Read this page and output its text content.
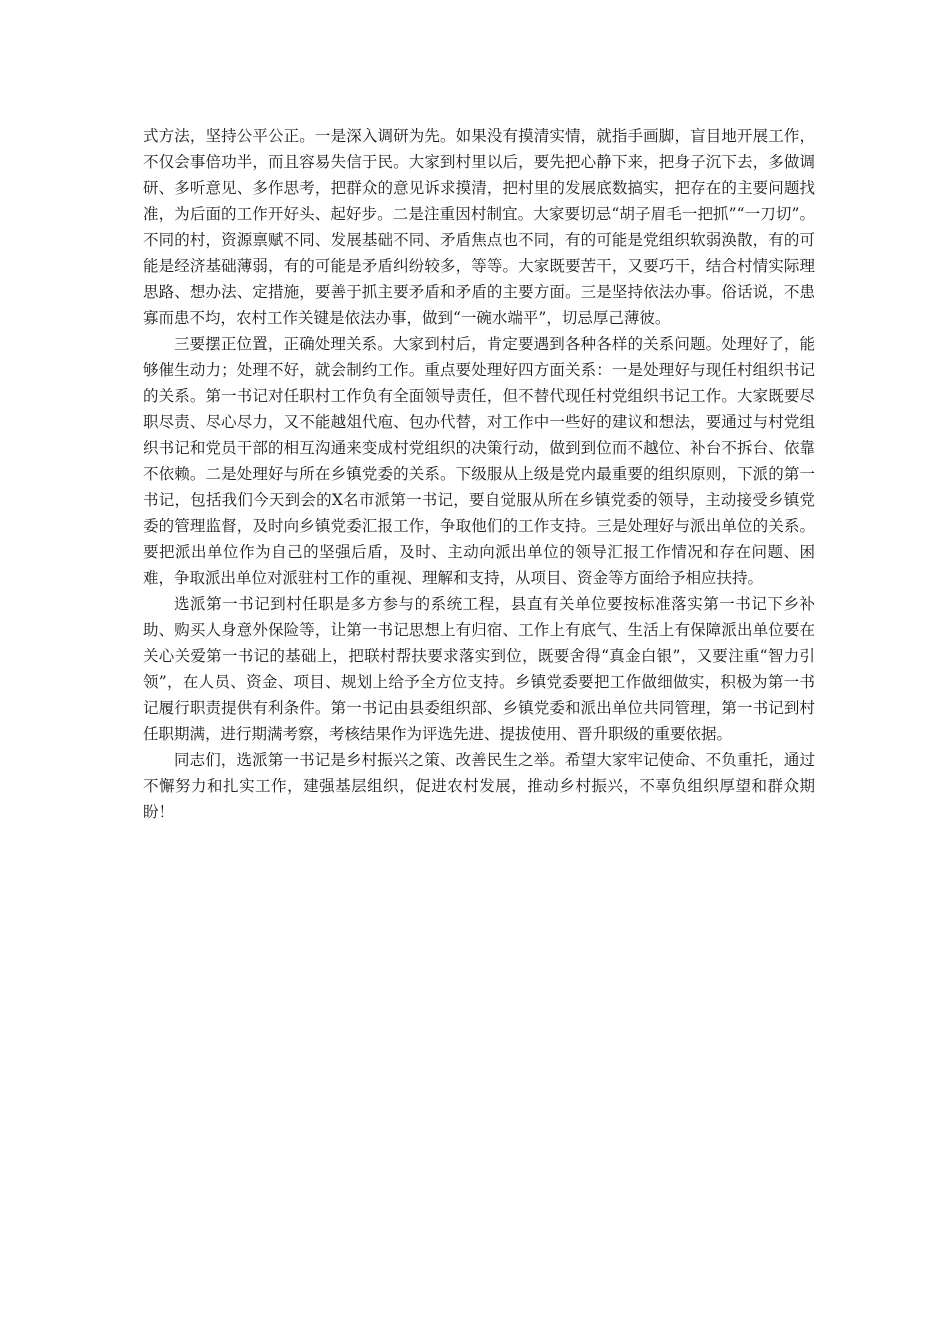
式方法，坚持公平公正。一是深入调研为先。如果没有摸清实情，就指手画脚，盲目地开展工作，不仅会事倍功半，而且容易失信于民。大家到村里以后，要先把心静下来，把身子沉下去，多做调研、多听意见、多作思考，把群众的意见诉求摸清，把村里的发展底数搞实，把存在的主要问题找准，为后面的工作开好头、起好步。二是注重因村制宜。大家要切忌“胡子眉毛一把抓”“一刀切”。不同的村，资源禀赋不同、发展基础不同、矛盾焦点也不同，有的可能是党组织软弱涣散，有的可能是经济基础薄弱，有的可能是矛盾纠纷较多，等等。大家既要苦干，又要巧干，结合村情实际理思路、想办法、定措施，要善于抓主要矛盾和矛盾的主要方面。三是坚持依法办事。俗话说，不患寡而患不均，农村工作关键是依法办事，做到“一碗水端平”，切忌厚己薄彼。

三要摆正位置，正确处理关系。大家到村后，肯定要遇到各种各样的关系问题。处理好了，能够催生动力；处理不好，就会制约工作。重点要处理好四方面关系：一是处理好与现任村组织书记的关系。第一书记对任职村工作负有全面领导责任，但不替代现任村党组织书记工作。大家既要尽职尽责、尽心尽力，又不能越俎代庖、包办代替，对工作中一些好的建议和想法，要通过与村党组织书记和党员干部的相互沟通来变成村党组织的决策行动，做到到位而不越位、补台不拆台、依靠不依赖。二是处理好与所在乡镇党委的关系。下级服从上级是党内最重要的组织原则，下派的第一书记，包括我们今天到会的X名市派第一书记，要自觉服从所在乡镇党委的领导，主动接受乡镇党委的管理监督，及时向乡镇党委汇报工作，争取他们的工作支持。三是处理好与派出单位的关系。要把派出单位作为自己的坚强后盾，及时、主动向派出单位的领导汇报工作情况和存在问题、困难，争取派出单位对派驻村工作的重视、理解和支持，从项目、资金等方面给予相应扶持。

选派第一书记到村任职是多方参与的系统工程，县直有关单位要按标准落实第一书记下乡补助、购买人身意外保险等，让第一书记思想上有归宿、工作上有底气、生活上有保障派出单位要在关心关爱第一书记的基础上，把联村帮扶要求落实到位，既要舍得“真金白银”，又要注重“智力引领”，在人员、资金、项目、规划上给予全方位支持。乡镇党委要把工作做细做实，积极为第一书记履行职责提供有利条件。第一书记由县委组织部、乡镇党委和派出单位共同管理，第一书记到村任职期满，进行期满考察，考核结果作为评选先进、提拔使用、晋升职级的重要依据。

同志们，选派第一书记是乡村振兴之策、改善民生之举。希望大家牢记使命、不负重托，通过不懈努力和扎实工作，建强基层组织，促进农村发展，推动乡村振兴，不辜负组织厚望和群众期盼！
